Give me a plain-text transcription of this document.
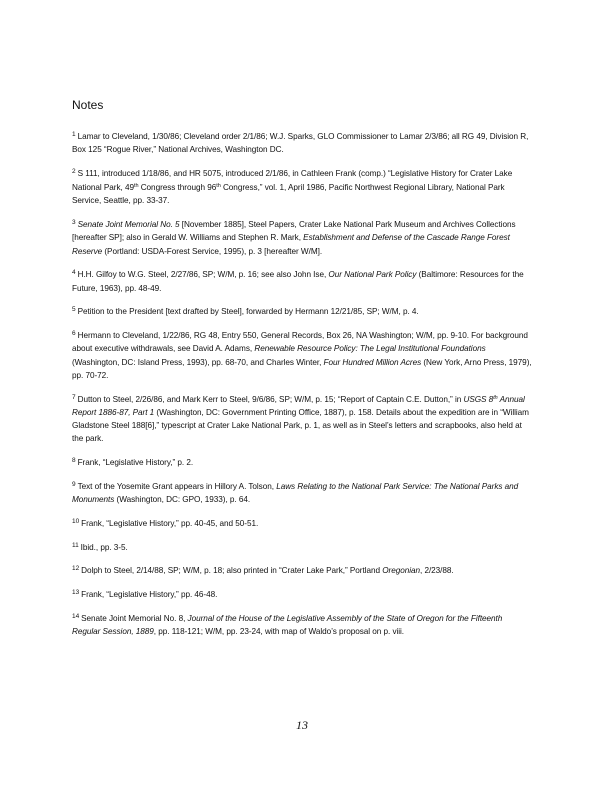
Notes

$^1$ Lamar to Cleveland, 1/30/86; Cleveland order 2/1/86; W.J. Sparks, GLO Commissioner to Lamar 2/3/86; all RG 49, Division R, Box 125 “Rogue River,” National Archives, Washington DC.

$^2$ S 111, introduced 1/18/86, and HR 5075, introduced 2/1/86, in Cathleen Frank (comp.) “Legislative History for Crater Lake National Park, 49th Congress through 96th Congress,” vol. 1, April 1986, Pacific Northwest Regional Library, National Park Service, Seattle, pp. 33-37.

$^3$ Senate Joint Memorial No. 5 [November 1885], Steel Papers, Crater Lake National Park Museum and Archives Collections [hereafter SP]; also in Gerald W. Williams and Stephen R. Mark, Establishment and Defense of the Cascade Range Forest Reserve (Portland: USDA-Forest Service, 1995), p. 3 [hereafter W/M].

$^4$ H.H. Gilfoy to W.G. Steel, 2/27/86, SP; W/M, p. 16; see also John Ise, Our National Park Policy (Baltimore: Resources for the Future, 1963), pp. 48-49.

$^5$ Petition to the President [text drafted by Steel], forwarded by Hermann 12/21/85, SP; W/M, p. 4.

$^6$ Hermann to Cleveland, 1/22/86, RG 48, Entry 550, General Records, Box 26, NA Washington; W/M, pp. 9-10. For background about executive withdrawals, see David A. Adams, Renewable Resource Policy: The Legal Institutional Foundations (Washington, DC: Island Press, 1993), pp. 68-70, and Charles Winter, Four Hundred Million Acres (New York, Arno Press, 1979), pp. 70-72.

$^7$ Dutton to Steel, 2/26/86, and Mark Kerr to Steel, 9/6/86, SP; W/M, p. 15; “Report of Captain C.E. Dutton,” in USGS 8th Annual Report 1886-87, Part 1 (Washington, DC: Government Printing Office, 1887), p. 158. Details about the expedition are in “William Gladstone Steel 188[6],” typescript at Crater Lake National Park, p. 1, as well as in Steel’s letters and scrapbooks, also held at the park.

$^8$ Frank, “Legislative History,” p. 2.

$^9$ Text of the Yosemite Grant appears in Hillory A. Tolson, Laws Relating to the National Park Service: The National Parks and Monuments (Washington, DC: GPO, 1933), p. 64.

$^{10}$ Frank, “Legislative History,” pp. 40-45, and 50-51.

$^{11}$ Ibid., pp. 3-5.

$^{12}$ Dolph to Steel, 2/14/88, SP; W/M, p. 18; also printed in “Crater Lake Park,” Portland Oregonian, 2/23/88.

$^{13}$ Frank, “Legislative History,” pp. 46-48.

$^{14}$ Senate Joint Memorial No. 8, Journal of the House of the Legislative Assembly of the State of Oregon for the Fifteenth Regular Session, 1889, pp. 118-121; W/M, pp. 23-24, with map of Waldo’s proposal on p. viii.

13
